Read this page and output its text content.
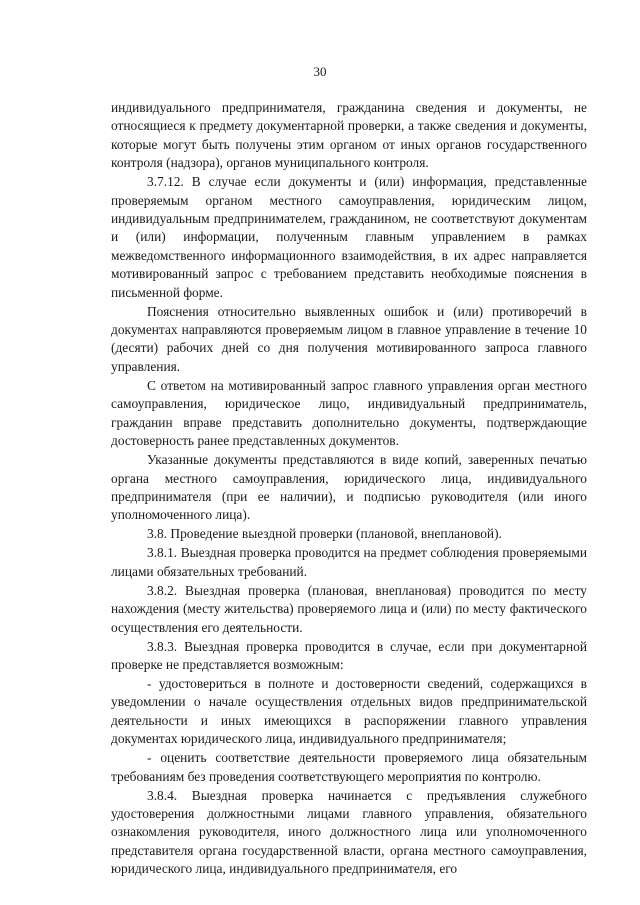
30

индивидуального предпринимателя, гражданина сведения и документы, не относящиеся к предмету документарной проверки, а также сведения и документы, которые могут быть получены этим органом от иных органов государственного контроля (надзора), органов муниципального контроля.

3.7.12. В случае если документы и (или) информация, представленные проверяемым органом местного самоуправления, юридическим лицом, индивидуальным предпринимателем, гражданином, не соответствуют документам и (или) информации, полученным главным управлением в рамках межведомственного информационного взаимодействия, в их адрес направляется мотивированный запрос с требованием представить необходимые пояснения в письменной форме.

Пояснения относительно выявленных ошибок и (или) противоречий в документах направляются проверяемым лицом в главное управление в течение 10 (десяти) рабочих дней со дня получения мотивированного запроса главного управления.

С ответом на мотивированный запрос главного управления орган местного самоуправления, юридическое лицо, индивидуальный предприниматель, гражданин вправе представить дополнительно документы, подтверждающие достоверность ранее представленных документов.

Указанные документы представляются в виде копий, заверенных печатью органа местного самоуправления, юридического лица, индивидуального предпринимателя (при ее наличии), и подписью руководителя (или иного уполномоченного лица).

3.8. Проведение выездной проверки (плановой, внеплановой).

3.8.1. Выездная проверка проводится на предмет соблюдения проверяемыми лицами обязательных требований.

3.8.2. Выездная проверка (плановая, внеплановая) проводится по месту нахождения (месту жительства) проверяемого лица и (или) по месту фактического осуществления его деятельности.

3.8.3. Выездная проверка проводится в случае, если при документарной проверке не представляется возможным:

- удостовериться в полноте и достоверности сведений, содержащихся в уведомлении о начале осуществления отдельных видов предпринимательской деятельности и иных имеющихся в распоряжении главного управления документах юридического лица, индивидуального предпринимателя;

- оценить соответствие деятельности проверяемого лица обязательным требованиям без проведения соответствующего мероприятия по контролю.

3.8.4. Выездная проверка начинается с предъявления служебного удостоверения должностными лицами главного управления, обязательного ознакомления руководителя, иного должностного лица или уполномоченного представителя органа государственной власти, органа местного самоуправления, юридического лица, индивидуального предпринимателя, его
